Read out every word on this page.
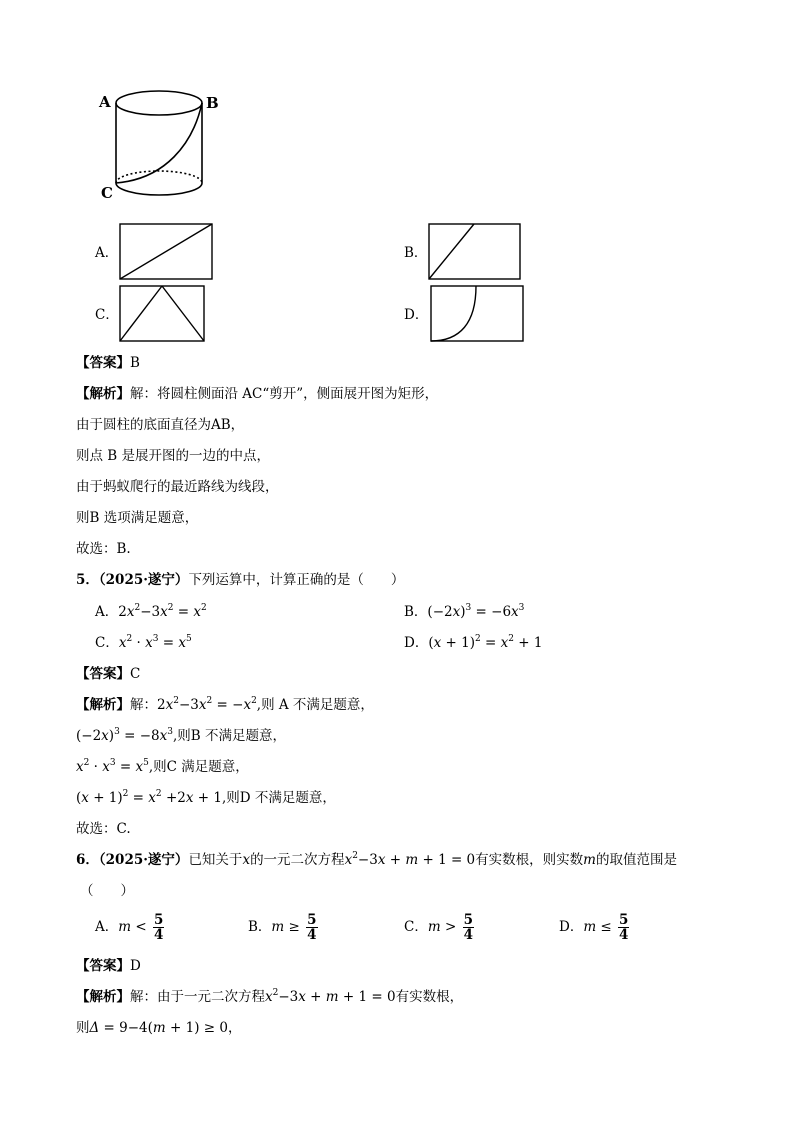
A	B
C
A．	B．
C．	D．
【答案】B
【解析】解：将圆柱侧面沿 AC“剪开”，侧面展开图为矩形，
由于圆柱的底面直径为AB，
则点 B 是展开图的一边的中点，
由于蚂蚁爬行的最近路线为线段，
则B 选项满足题意，
故选：B.
5．（2025·遂宁）下列运算中，计算正确的是（　　）
A．$2x^2-3x^2 = x^2$	B．$(-2x)^3 = -6x^3$
C．$x^2 \cdot x^3 = x^5$	D．$(x + 1)^2 = x^2 + 1$
【答案】C
【解析】解：$2x^2-3x^2 = -x^2$,则 A 不满足题意，
$(-2x)^3 = -8x^3$,则B 不满足题意，
$x^2 \cdot x^3 = x^5$,则C 满足题意，
$(x + 1)^2 = x^2 +2x + 1$,则D 不满足题意，
故选：C.
6．（2025·遂宁）已知关于x的一元二次方程$x^2-3x + m + 1 = 0$有实数根，则实数m的取值范围是
（　　）
A．$m < \frac{5}{4}$	B．$m \ge \frac{5}{4}$	C．$m > \frac{5}{4}$	D．$m \le \frac{5}{4}$
【答案】D
【解析】解：由于一元二次方程$x^2-3x + m + 1 = 0$有实数根，
则Δ = 9−4(m + 1) ≥ 0，
